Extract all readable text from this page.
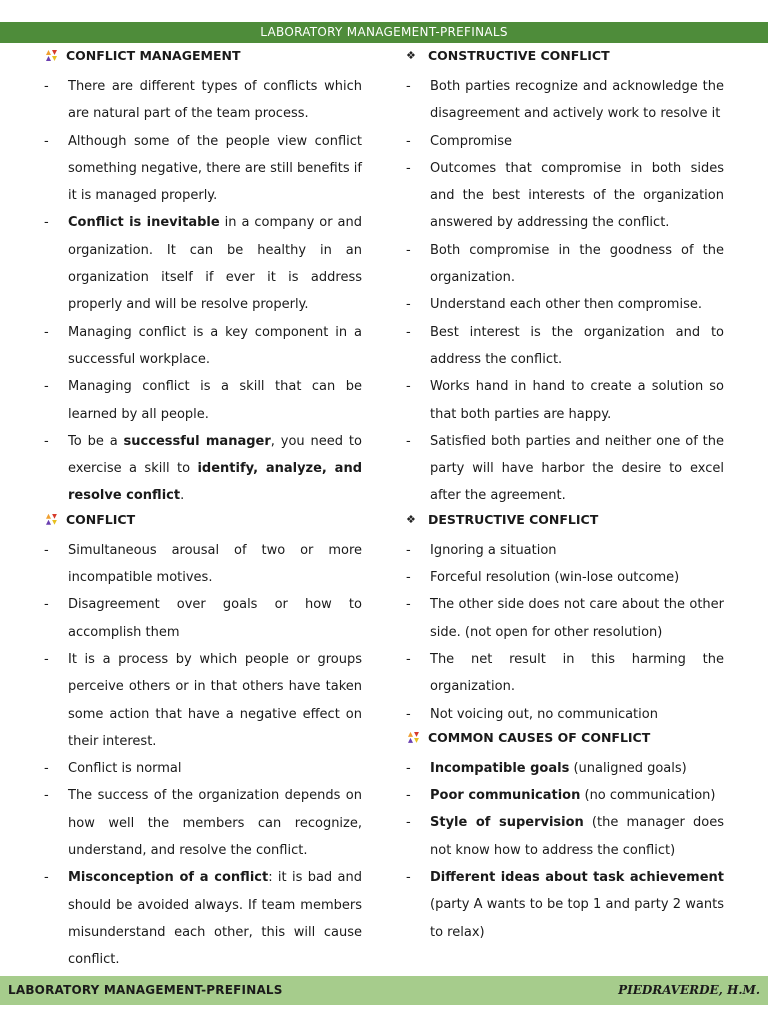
LABORATORY MANAGEMENT-PREFINALS
CONFLICT MANAGEMENT
- There are different types of conflicts which are natural part of the team process.
- Although some of the people view conflict something negative, there are still benefits if it is managed properly.
- Conflict is inevitable in a company or and organization. It can be healthy in an organization itself if ever it is address properly and will be resolve properly.
- Managing conflict is a key component in a successful workplace.
- Managing conflict is a skill that can be learned by all people.
- To be a successful manager, you need to exercise a skill to identify, analyze, and resolve conflict.
CONFLICT
- Simultaneous arousal of two or more incompatible motives.
- Disagreement over goals or how to accomplish them
- It is a process by which people or groups perceive others or in that others have taken some action that have a negative effect on their interest.
- Conflict is normal
- The success of the organization depends on how well the members can recognize, understand, and resolve the conflict.
- Misconception of a conflict: it is bad and should be avoided always. If team members misunderstand each other, this will cause conflict.
❖ CONSTRUCTIVE CONFLICT
- Both parties recognize and acknowledge the disagreement and actively work to resolve it
- Compromise
- Outcomes that compromise in both sides and the best interests of the organization answered by addressing the conflict.
- Both compromise in the goodness of the organization.
- Understand each other then compromise.
- Best interest is the organization and to address the conflict.
- Works hand in hand to create a solution so that both parties are happy.
- Satisfied both parties and neither one of the party will have harbor the desire to excel after the agreement.
❖ DESTRUCTIVE CONFLICT
- Ignoring a situation
- Forceful resolution (win-lose outcome)
- The other side does not care about the other side. (not open for other resolution)
- The net result in this harming the organization.
- Not voicing out, no communication
COMMON CAUSES OF CONFLICT
- Incompatible goals (unaligned goals)
- Poor communication (no communication)
- Style of supervision (the manager does not know how to address the conflict)
- Different ideas about task achievement (party A wants to be top 1 and party 2 wants to relax)
LABORATORY MANAGEMENT-PREFINALS	PIEDRAVERDE, H.M.
